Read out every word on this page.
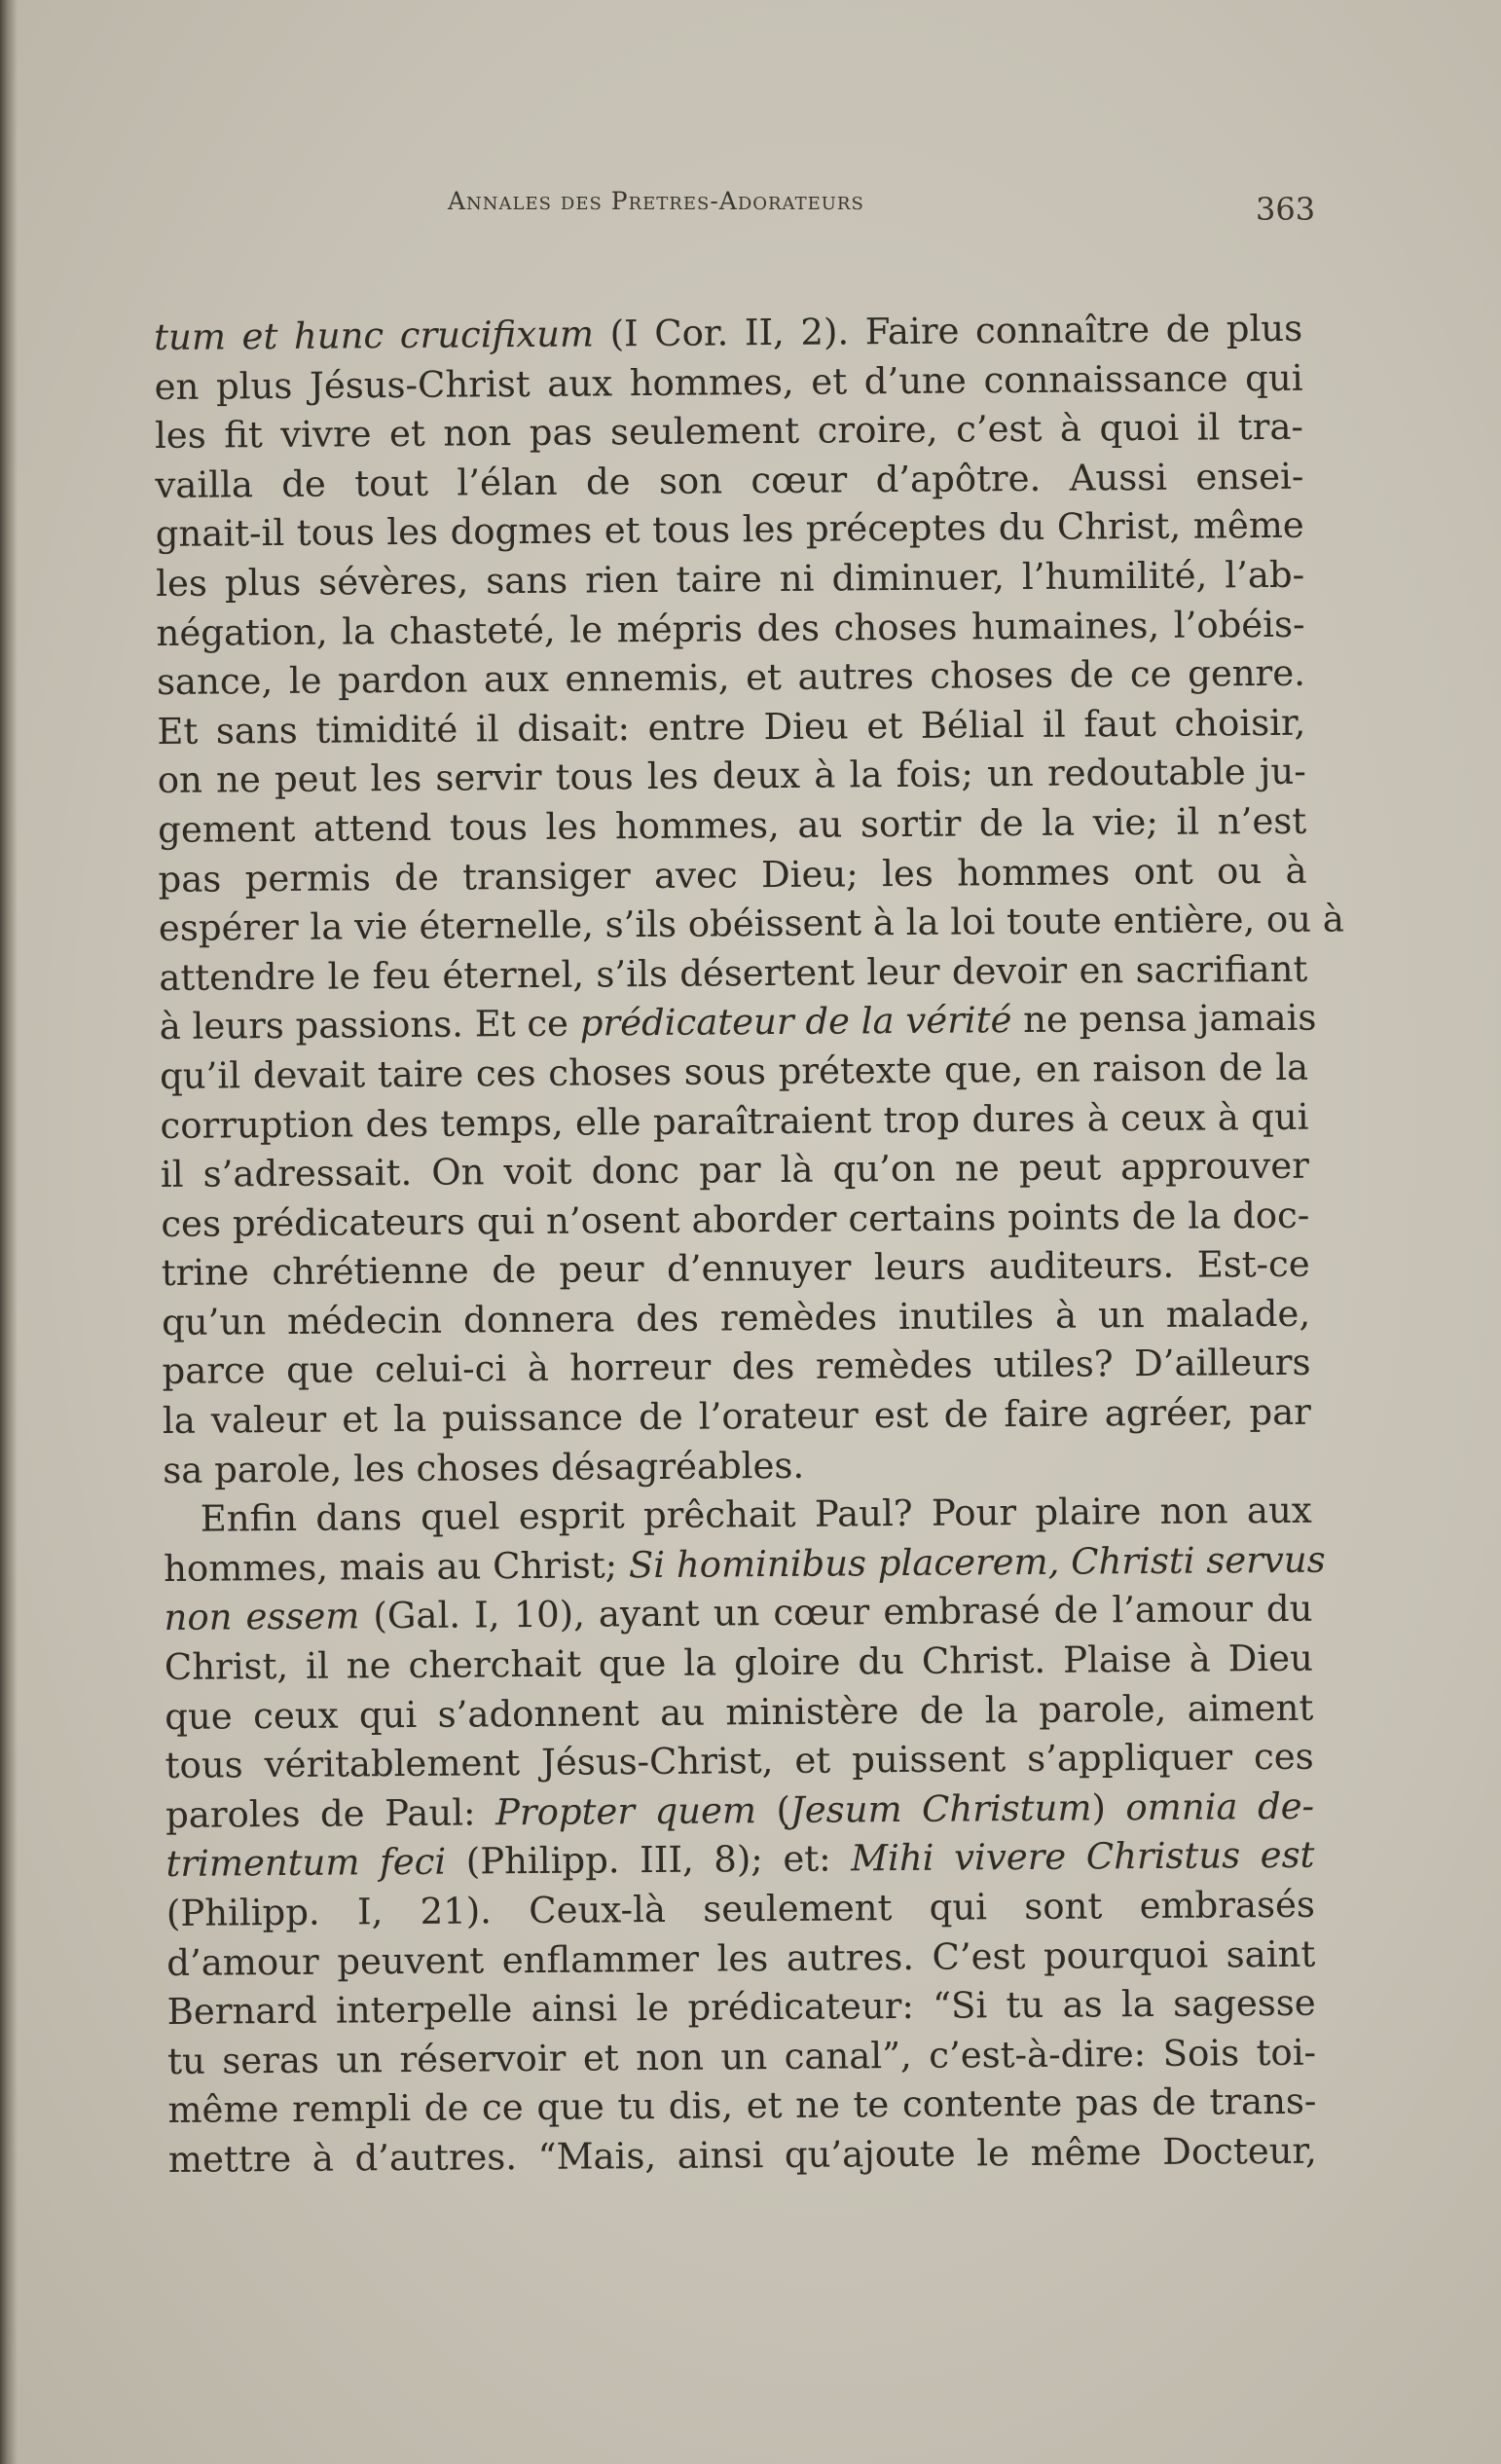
Annales des Pretres-Adorateurs	363
tum et hunc crucifixum (I Cor. II, 2). Faire connaître de plus
en plus Jésus-Christ aux hommes, et d’une connaissance qui
les fit vivre et non pas seulement croire, c’est à quoi il tra-
vailla de tout l’élan de son cœur d’apôtre. Aussi ensei-
gnait-il tous les dogmes et tous les préceptes du Christ, même
les plus sévères, sans rien taire ni diminuer, l’humilité, l’ab-
négation, la chasteté, le mépris des choses humaines, l’obéis-
sance, le pardon aux ennemis, et autres choses de ce genre.
Et sans timidité il disait: entre Dieu et Bélial il faut choisir,
on ne peut les servir tous les deux à la fois; un redoutable ju-
gement attend tous les hommes, au sortir de la vie; il n’est
pas permis de transiger avec Dieu; les hommes ont ou à
espérer la vie éternelle, s’ils obéissent à la loi toute entière, ou à
attendre le feu éternel, s’ils désertent leur devoir en sacrifiant
à leurs passions. Et ce prédicateur de la vérité ne pensa jamais
qu’il devait taire ces choses sous prétexte que, en raison de la
corruption des temps, elle paraîtraient trop dures à ceux à qui
il s’adressait. On voit donc par là qu’on ne peut approuver
ces prédicateurs qui n’osent aborder certains points de la doc-
trine chrétienne de peur d’ennuyer leurs auditeurs. Est-ce
qu’un médecin donnera des remèdes inutiles à un malade,
parce que celui-ci à horreur des remèdes utiles? D’ailleurs
la valeur et la puissance de l’orateur est de faire agréer, par
sa parole, les choses désagréables.
Enfin dans quel esprit prêchait Paul? Pour plaire non aux
hommes, mais au Christ; Si hominibus placerem, Christi servus
non essem (Gal. I, 10), ayant un cœur embrasé de l’amour du
Christ, il ne cherchait que la gloire du Christ. Plaise à Dieu
que ceux qui s’adonnent au ministère de la parole, aiment
tous véritablement Jésus-Christ, et puissent s’appliquer ces
paroles de Paul: Propter quem (Jesum Christum) omnia de-
trimentum feci (Philipp. III, 8); et: Mihi vivere Christus est
(Philipp. I, 21). Ceux-là seulement qui sont embrasés
d’amour peuvent enflammer les autres. C’est pourquoi saint
Bernard interpelle ainsi le prédicateur: “Si tu as la sagesse
tu seras un réservoir et non un canal”, c’est-à-dire: Sois toi-
même rempli de ce que tu dis, et ne te contente pas de trans-
mettre à d’autres. “Mais, ainsi qu’ajoute le même Docteur,
